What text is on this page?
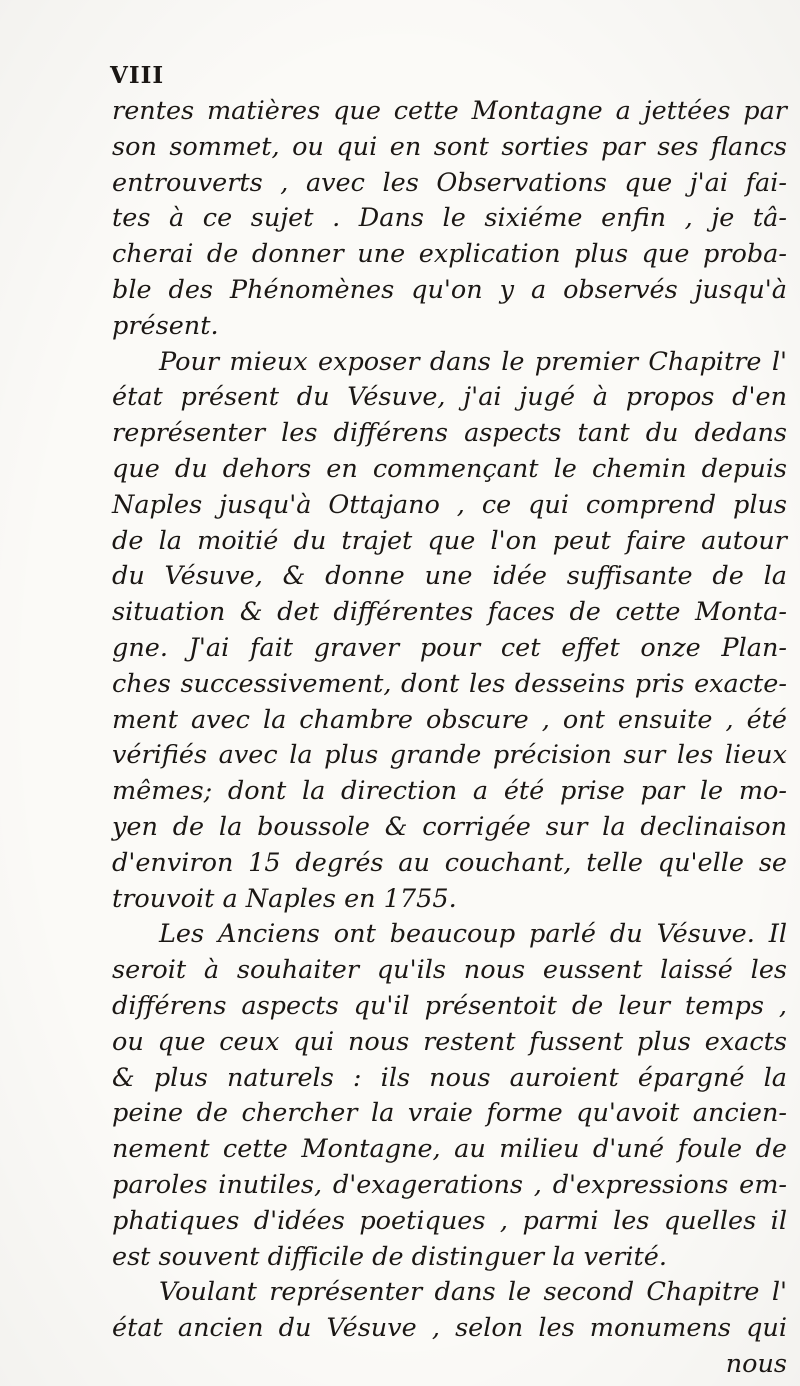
VIII
rentes matières que cette Montagne a jettées par
son sommet, ou qui en sont sorties par ses flancs
entrouverts , avec les Observations que j'ai fai-
tes à ce sujet . Dans le sixiéme enfin , je tâ-
cherai de donner une explication plus que proba-
ble des Phénomènes qu'on y a observés jusqu'à
présent.
Pour mieux exposer dans le premier Chapitre l'
état présent du Vésuve, j'ai jugé à propos d'en
représenter les différens aspects tant du dedans
que du dehors en commençant le chemin depuis
Naples jusqu'à Ottajano , ce qui comprend plus
de la moitié du trajet que l'on peut faire autour
du Vésuve, & donne une idée suffisante de la
situation & det différentes faces de cette Monta-
gne. J'ai fait graver pour cet effet onze Plan-
ches successivement, dont les desseins pris exacte-
ment avec la chambre obscure , ont ensuite , été
vérifiés avec la plus grande précision sur les lieux
mêmes; dont la direction a été prise par le mo-
yen de la boussole & corrigée sur la declinaison
d'environ 15 degrés au couchant, telle qu'elle se
trouvoit a Naples en 1755.
Les Anciens ont beaucoup parlé du Vésuve. Il
seroit à souhaiter qu'ils nous eussent laissé les
différens aspects qu'il présentoit de leur temps ,
ou que ceux qui nous restent fussent plus exacts
& plus naturels : ils nous auroient épargné la
peine de chercher la vraie forme qu'avoit ancien-
nement cette Montagne, au milieu d'uné foule de
paroles inutiles, d'exagerations , d'expressions em-
phatiques d'idées poetiques , parmi les quelles il
est souvent difficile de distinguer la verité.
Voulant représenter dans le second Chapitre l'
état ancien du Vésuve , selon les monumens qui
nous
